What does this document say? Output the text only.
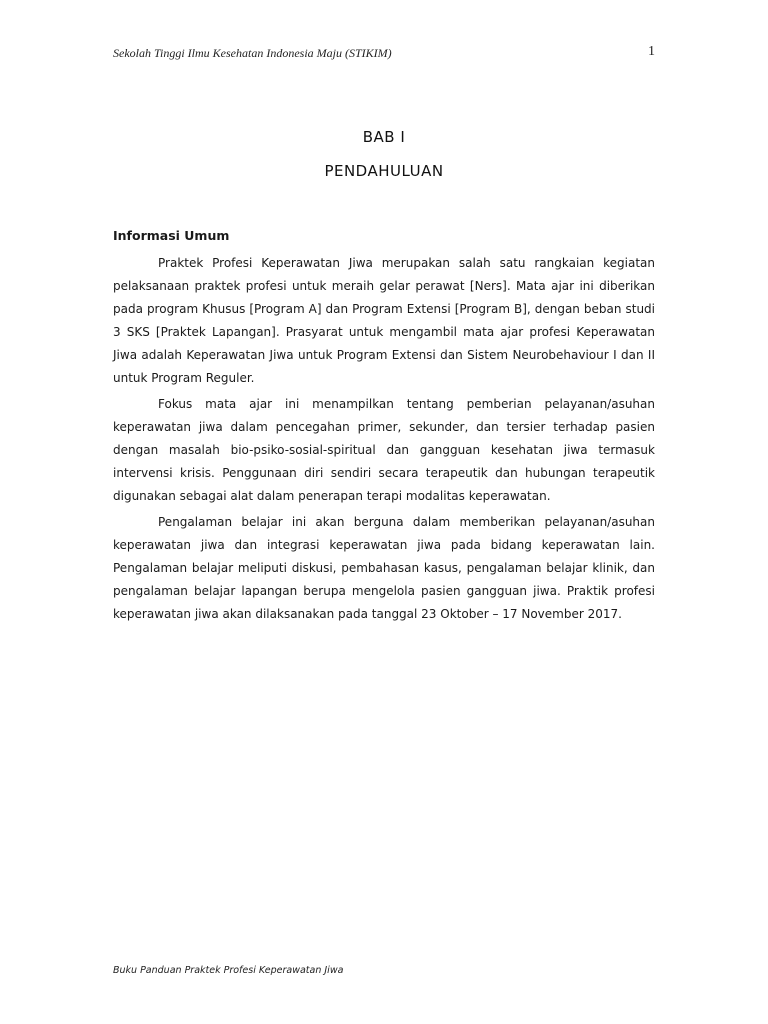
Sekolah Tinggi Ilmu Kesehatan Indonesia Maju (STIKIM)	1
BAB I
PENDAHULUAN
Informasi Umum

Praktek Profesi Keperawatan Jiwa merupakan salah satu rangkaian kegiatan pelaksanaan praktek profesi untuk meraih gelar perawat [Ners]. Mata ajar ini diberikan pada program Khusus [Program A] dan Program Extensi [Program B], dengan beban studi 3 SKS [Praktek Lapangan]. Prasyarat untuk mengambil mata ajar profesi Keperawatan Jiwa adalah Keperawatan Jiwa untuk Program Extensi dan Sistem Neurobehaviour I dan II untuk Program Reguler.

Fokus mata ajar ini menampilkan tentang pemberian pelayanan/asuhan keperawatan jiwa dalam pencegahan primer, sekunder, dan tersier terhadap pasien dengan masalah bio-psiko-sosial-spiritual dan gangguan kesehatan jiwa termasuk intervensi krisis. Penggunaan diri sendiri secara terapeutik dan hubungan terapeutik digunakan sebagai alat dalam penerapan terapi modalitas keperawatan.

Pengalaman belajar ini akan berguna dalam memberikan pelayanan/asuhan keperawatan jiwa dan integrasi keperawatan jiwa pada bidang keperawatan lain. Pengalaman belajar meliputi diskusi, pembahasan kasus, pengalaman belajar klinik, dan pengalaman belajar lapangan berupa mengelola pasien gangguan jiwa. Praktik profesi keperawatan jiwa akan dilaksanakan pada tanggal 23 Oktober – 17 November 2017.

Buku Panduan Praktek Profesi Keperawatan Jiwa
